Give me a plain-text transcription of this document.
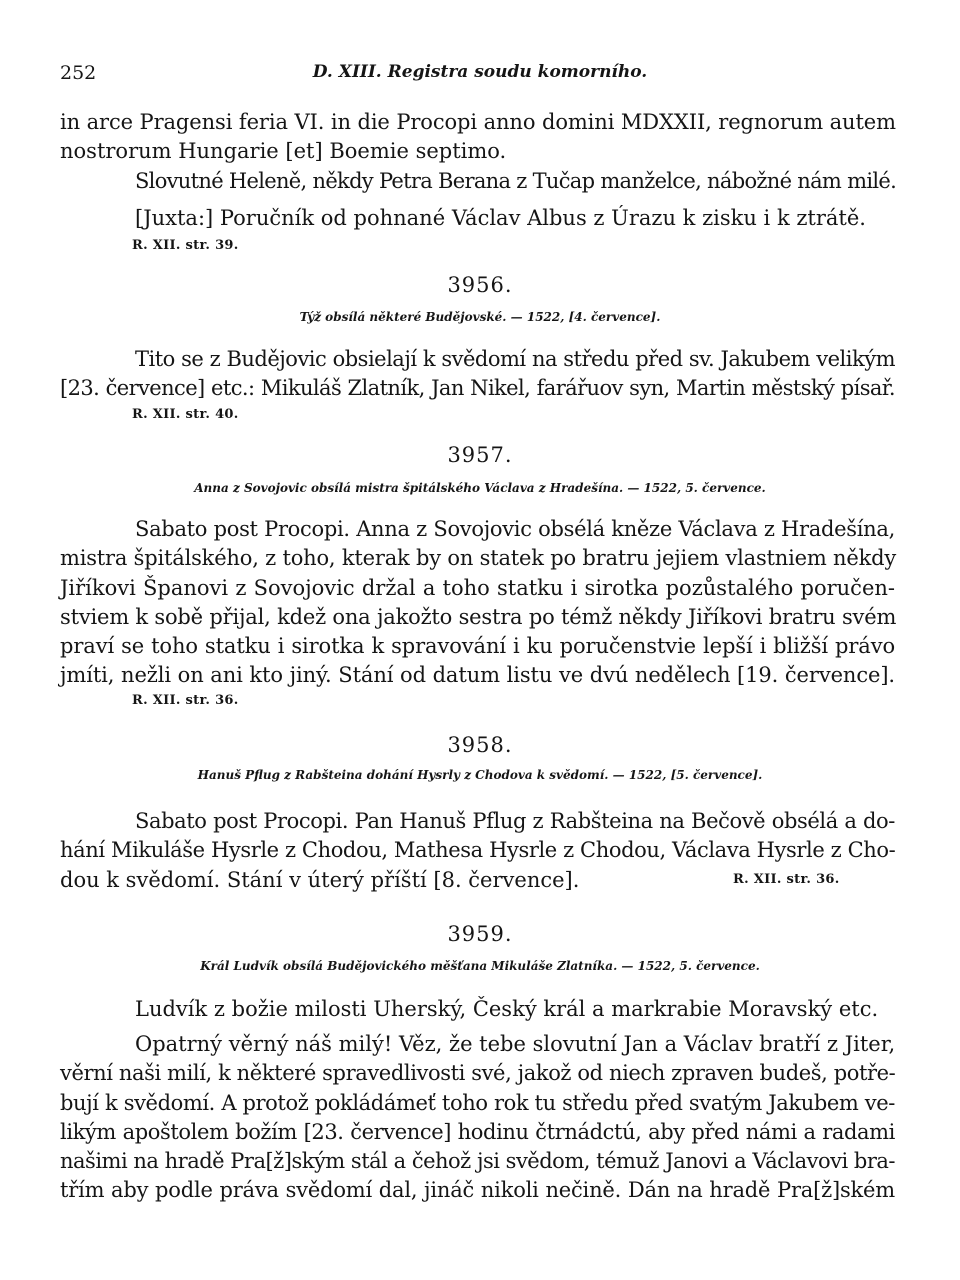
252	D. XIII. Registra soudu komorního.
in arce Pragensi feria VI. in die Procopi anno domini MDXXII, regnorum autem
nostrorum Hungarie [et] Boemie septimo.
Slovutné Heleně, někdy Petra Berana z Tučap manželce, nábožné nám milé.
[Juxta:] Poručník od pohnané Václav Albus z Úrazu k zisku i k ztrátě.
R. XII. str. 39.
3956.
Týž obsílá některé Budějovské. — 1522, [4. července].
Tito se z Budějovic obsielají k svědomí na středu před sv. Jakubem velikým
[23. července] etc.: Mikuláš Zlatník, Jan Nikel, farářuov syn, Martin městský písař.
R. XII. str. 40.
3957.
Anna z Sovojovic obsílá mistra špitálského Václava z Hradešína. — 1522, 5. července.
Sabato post Procopi. Anna z Sovojovic obsélá kněze Václava z Hradešína,
mistra špitálského, z toho, kterak by on statek po bratru jejiem vlastniem někdy
Jiříkovi Španovi z Sovojovic držal a toho statku i sirotka pozůstalého poručen-
stviem k sobě přijal, kdež ona jakožto sestra po témž někdy Jiříkovi bratru svém
praví se toho statku i sirotka k spravování i ku poručenstvie lepší i bližší právo
jmíti, nežli on ani kto jiný. Stání od datum listu ve dvú nedělech [19. července].
R. XII. str. 36.
3958.
Hanuš Pflug z Rabšteina dohání Hysrly z Chodova k svědomí. — 1522, [5. července].
Sabato post Procopi. Pan Hanuš Pflug z Rabšteina na Bečově obsélá a do-
hání Mikuláše Hysrle z Chodou, Mathesa Hysrle z Chodou, Václava Hysrle z Cho-
dou k svědomí. Stání v úterý příští [8. července].	R. XII. str. 36.
3959.
Král Ludvík obsílá Budějovického měšťana Mikuláše Zlatníka. — 1522, 5. července.
Ludvík z božie milosti Uherský, Český král a markrabie Moravský etc.
Opatrný věrný náš milý! Věz, že tebe slovutní Jan a Václav bratří z Jiter,
věrní naši milí, k některé spravedlivosti své, jakož od niech zpraven budeš, potře-
bují k svědomí. A protož pokládámeť toho rok tu středu před svatým Jakubem ve-
likým apoštolem božím [23. července] hodinu čtrnádctú, aby před námi a radami
našimi na hradě Pra[ž]ským stál a čehož jsi svědom, témuž Janovi a Václavovi bra-
třím aby podle práva svědomí dal, jináč nikoli nečině. Dán na hradě Pra[ž]ském
